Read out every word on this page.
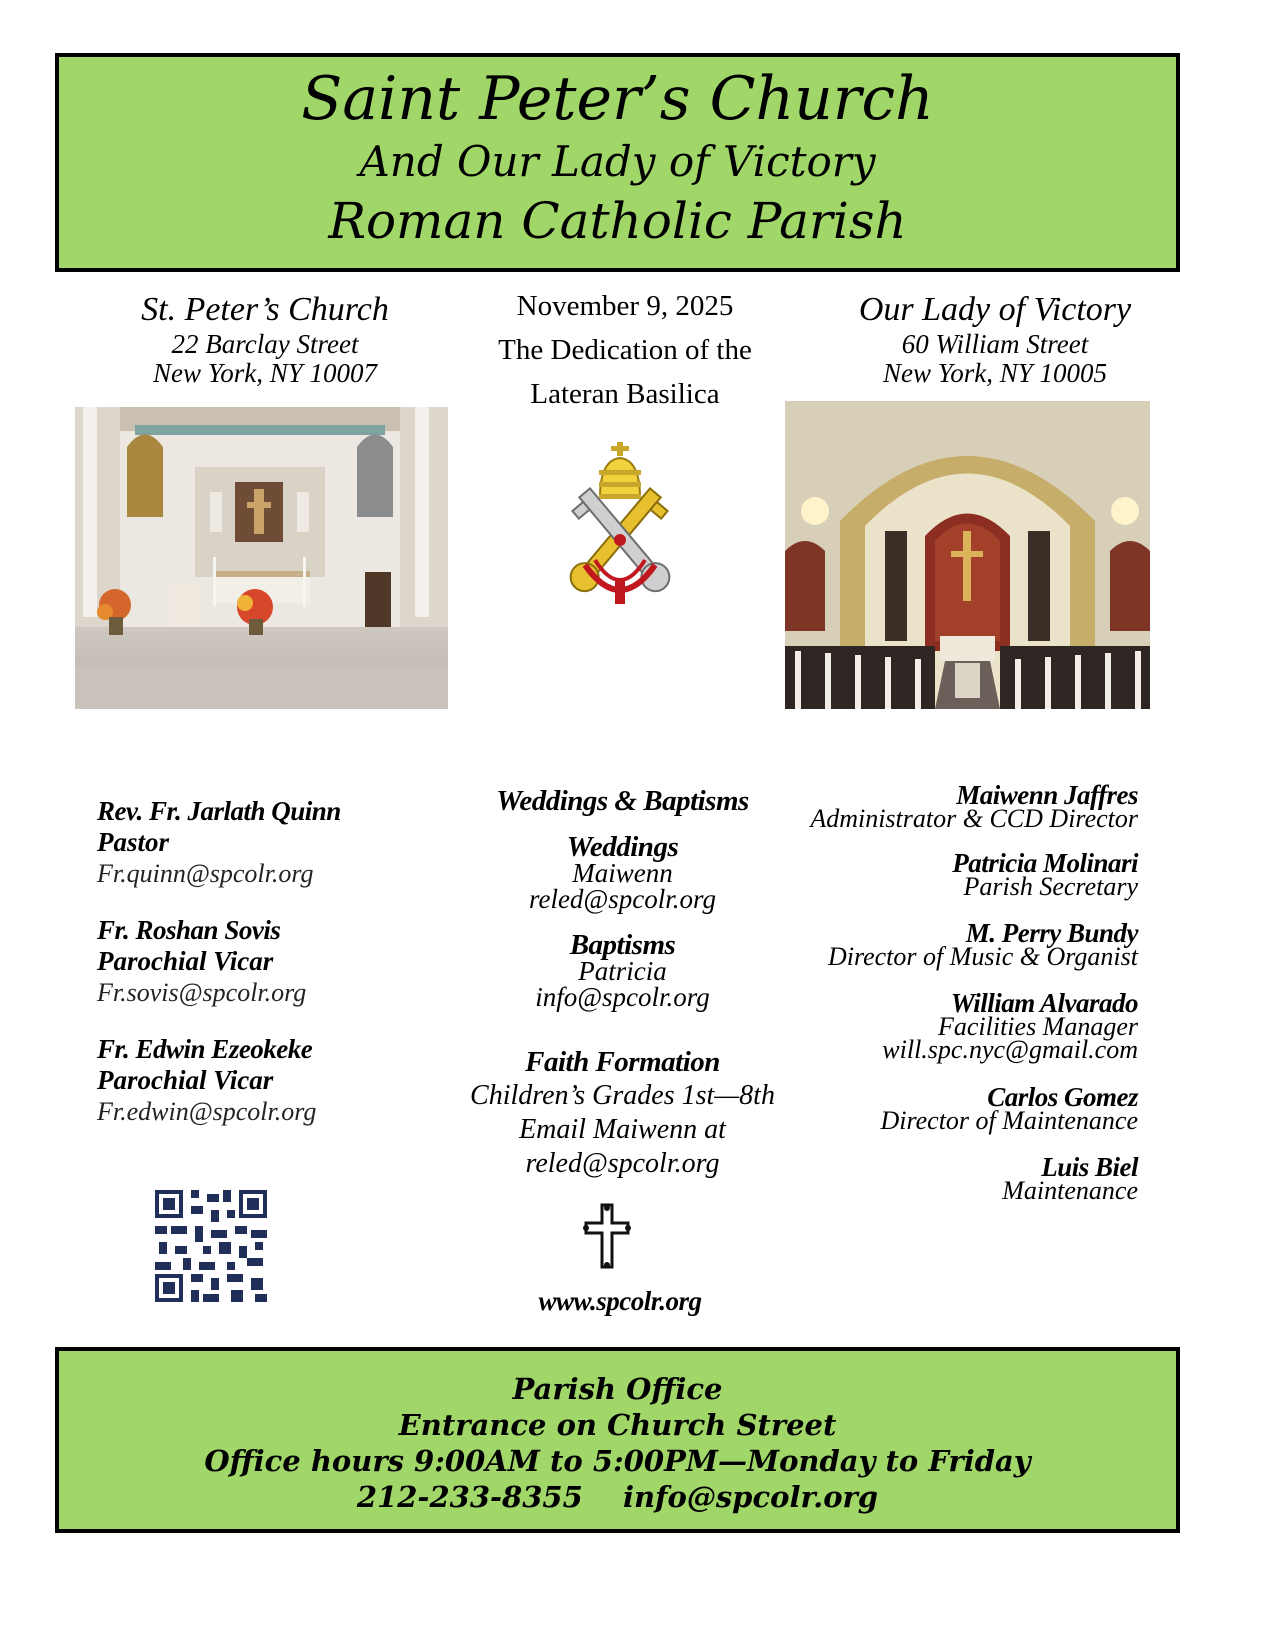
Saint Peter’s Church
And Our Lady of Victory
Roman Catholic Parish
St. Peter’s Church
22 Barclay Street
New York, NY 10007
November 9, 2025
The Dedication of the
Lateran Basilica
Our Lady of Victory
60 William Street
New York, NY 10005
Rev. Fr. Jarlath Quinn
Pastor
Fr.quinn@spcolr.org
Fr. Roshan Sovis
Parochial Vicar
Fr.sovis@spcolr.org
Fr. Edwin Ezeokeke
Parochial Vicar
Fr.edwin@spcolr.org
Weddings & Baptisms
Weddings
Maiwenn
reled@spcolr.org
Baptisms
Patricia
info@spcolr.org
Faith Formation
Children’s Grades 1st—8th
Email Maiwenn at
reled@spcolr.org
www.spcolr.org
Maiwenn Jaffres
Administrator & CCD Director
Patricia Molinari
Parish Secretary
M. Perry Bundy
Director of Music & Organist
William Alvarado
Facilities Manager
will.spc.nyc@gmail.com
Carlos Gomez
Director of Maintenance
Luis Biel
Maintenance
Parish Office
Entrance on Church Street
Office hours 9:00AM to 5:00PM—Monday to Friday
212-233-8355 info@spcolr.org
